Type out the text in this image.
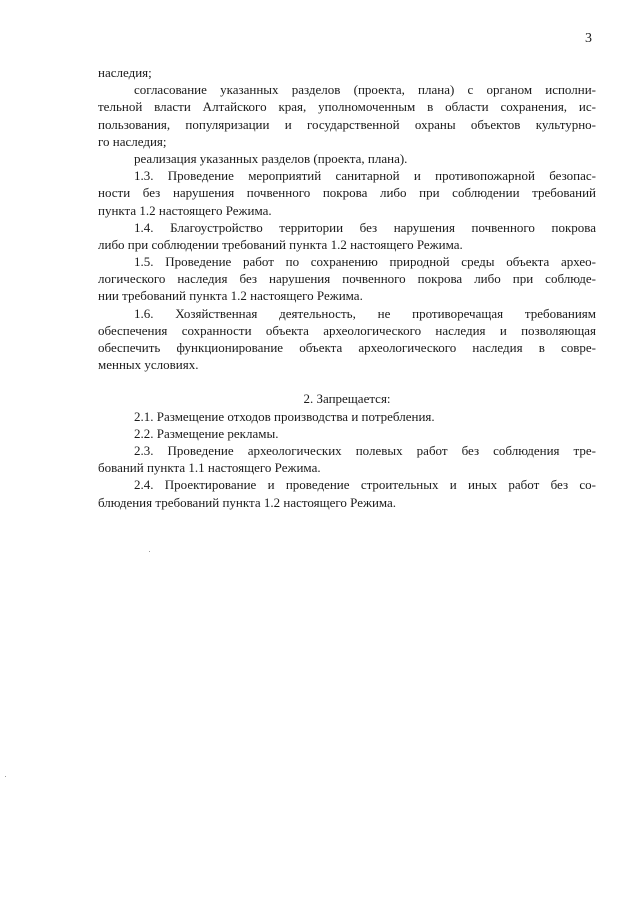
3
наследия;
согласование указанных разделов (проекта, плана) с органом исполни-
тельной власти Алтайского края, уполномоченным в области сохранения, ис-
пользования, популяризации и государственной охраны объектов культурно-
го наследия;
реализация указанных разделов (проекта, плана).
1.3. Проведение мероприятий санитарной и противопожарной безопас-
ности без нарушения почвенного покрова либо при соблюдении требований
пункта 1.2 настоящего Режима.
1.4. Благоустройство территории без нарушения почвенного покрова
либо при соблюдении требований пункта 1.2 настоящего Режима.
1.5. Проведение работ по сохранению природной среды объекта архео-
логического наследия без нарушения почвенного покрова либо при соблюде-
нии требований пункта 1.2 настоящего Режима.
1.6. Хозяйственная деятельность, не противоречащая требованиям
обеспечения сохранности объекта археологического наследия и позволяющая
обеспечить функционирование объекта археологического наследия в совре-
менных условиях.
2. Запрещается:
2.1. Размещение отходов производства и потребления.
2.2. Размещение рекламы.
2.3. Проведение археологических полевых работ без соблюдения тре-
бований пункта 1.1 настоящего Режима.
2.4. Проектирование и проведение строительных и иных работ без со-
блюдения требований пункта 1.2 настоящего Режима.
